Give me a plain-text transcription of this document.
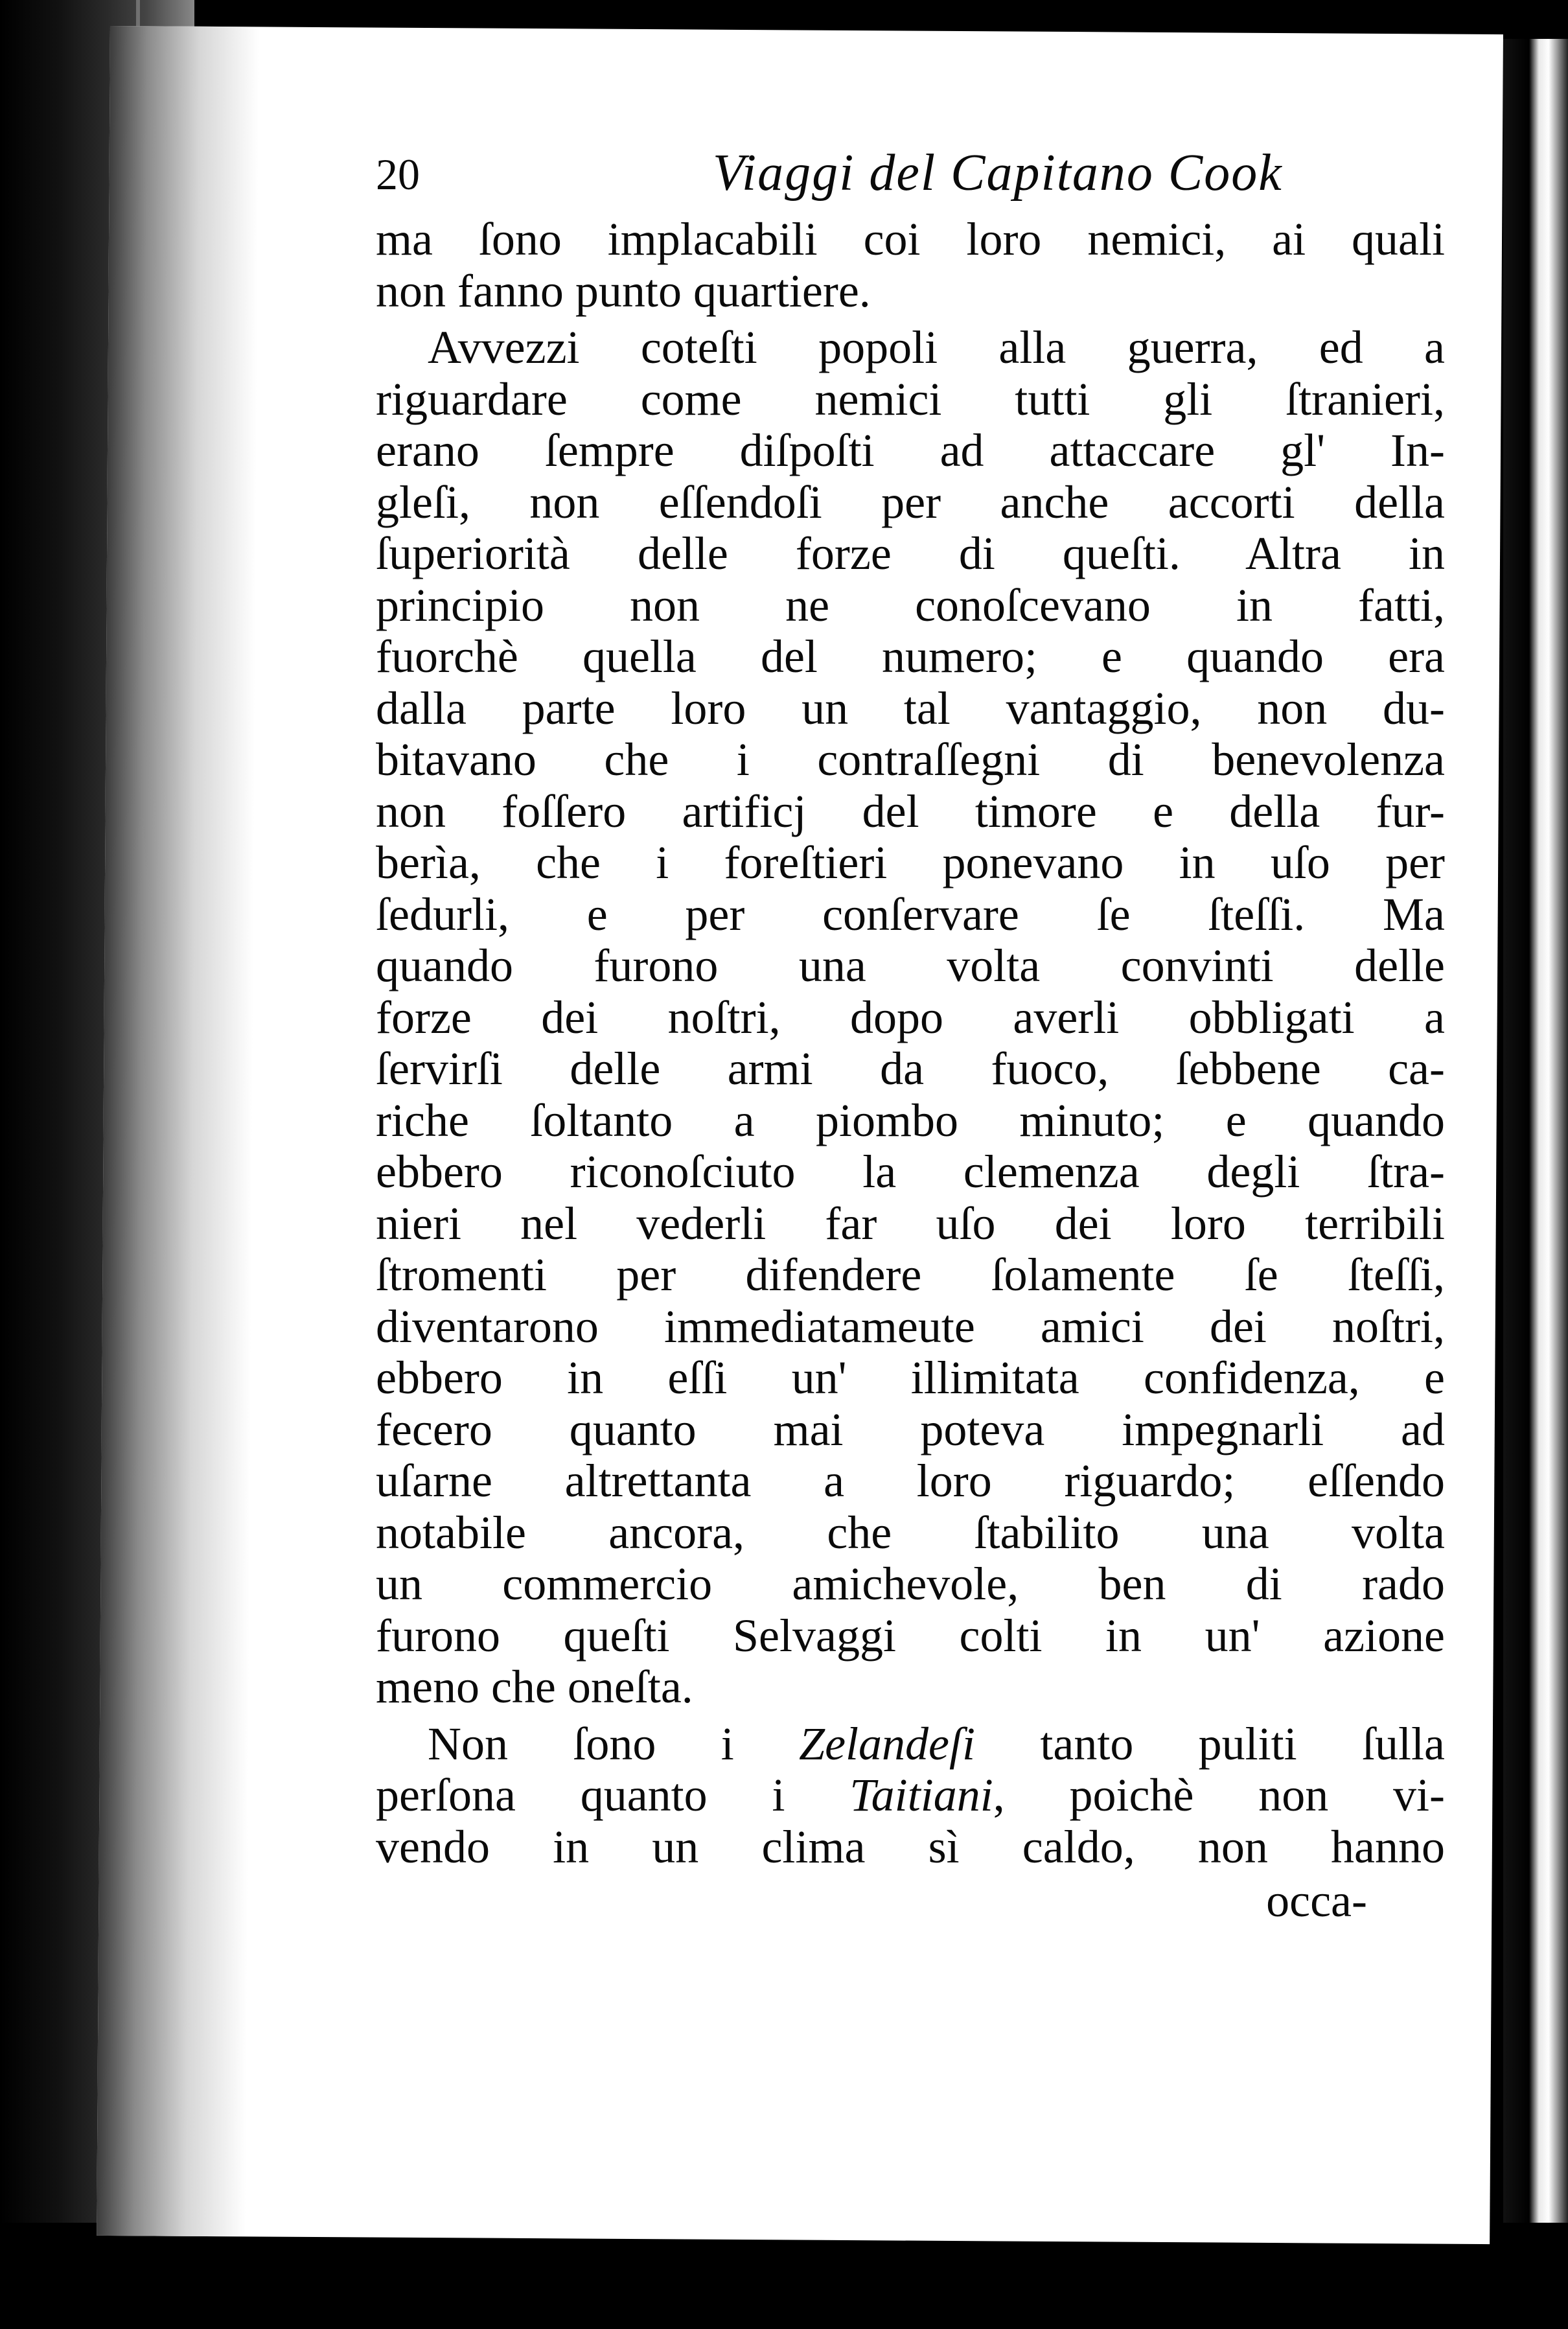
20	Viaggi del Capitano Cook
ma ſono implacabili coi loro nemici, ai quali
non fanno punto quartiere.
Avvezzi coteſti popoli alla guerra, ed a
riguardare come nemici tutti gli ſtranieri,
erano ſempre diſpoſti ad attaccare gl' In-
gleſi, non eſſendoſi per anche accorti della
ſuperiorità delle forze di queſti. Altra in
principio non ne conoſcevano in fatti,
fuorchè quella del numero; e quando era
dalla parte loro un tal vantaggio, non du-
bitavano che i contraſſegni di benevolenza
non foſſero artificj del timore e della fur-
berìa, che i foreſtieri ponevano in uſo per
ſedurli, e per conſervare ſe ſteſſi. Ma
quando furono una volta convinti delle
forze dei noſtri, dopo averli obbligati a
ſervirſi delle armi da fuoco, ſebbene ca-
riche ſoltanto a piombo minuto; e quando
ebbero riconoſciuto la clemenza degli ſtra-
nieri nel vederli far uſo dei loro terribili
ſtromenti per difendere ſolamente ſe ſteſſi,
diventarono immediatameute amici dei noſtri,
ebbero in eſſi un' illimitata confidenza, e
fecero quanto mai poteva impegnarli ad
uſarne altrettanta a loro riguardo; eſſendo
notabile ancora, che ſtabilito una volta
un commercio amichevole, ben di rado
furono queſti Selvaggi colti in un' azione
meno che oneſta.
Non ſono i Zelandeſi tanto puliti ſulla
perſona quanto i Taitiani, poichè non vi-
vendo in un clima sì caldo, non hanno
occa-
